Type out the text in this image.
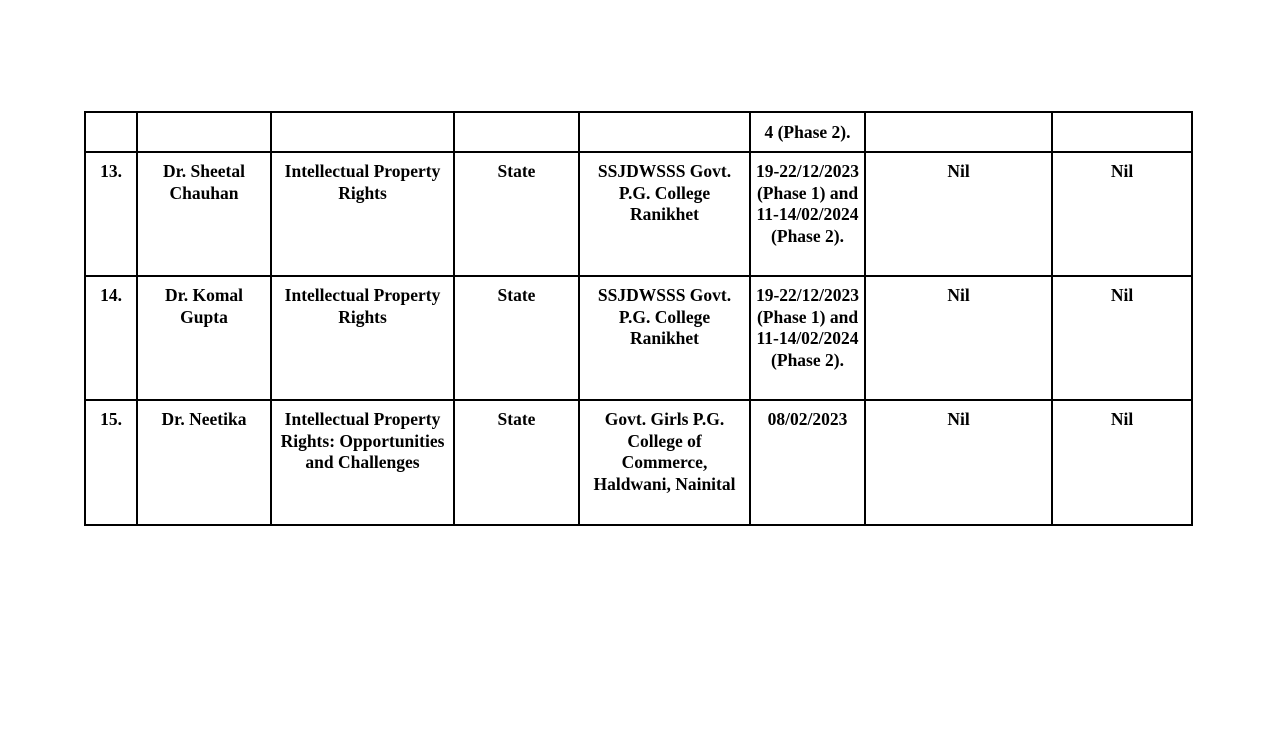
					4 (Phase 2).		

13.	Dr. Sheetal Chauhan	Intellectual Property Rights	State	SSJDWSSS Govt. P.G. College Ranikhet	19-22/12/2023 (Phase 1) and 11-14/02/2024 (Phase 2).	Nil	Nil

14.	Dr. Komal Gupta	Intellectual Property Rights	State	SSJDWSSS Govt. P.G. College Ranikhet	19-22/12/2023 (Phase 1) and 11-14/02/2024 (Phase 2).	Nil	Nil

15.	Dr. Neetika	Intellectual Property Rights: Opportunities and Challenges	State	Govt. Girls P.G. College of Commerce, Haldwani, Nainital	08/02/2023	Nil	Nil
